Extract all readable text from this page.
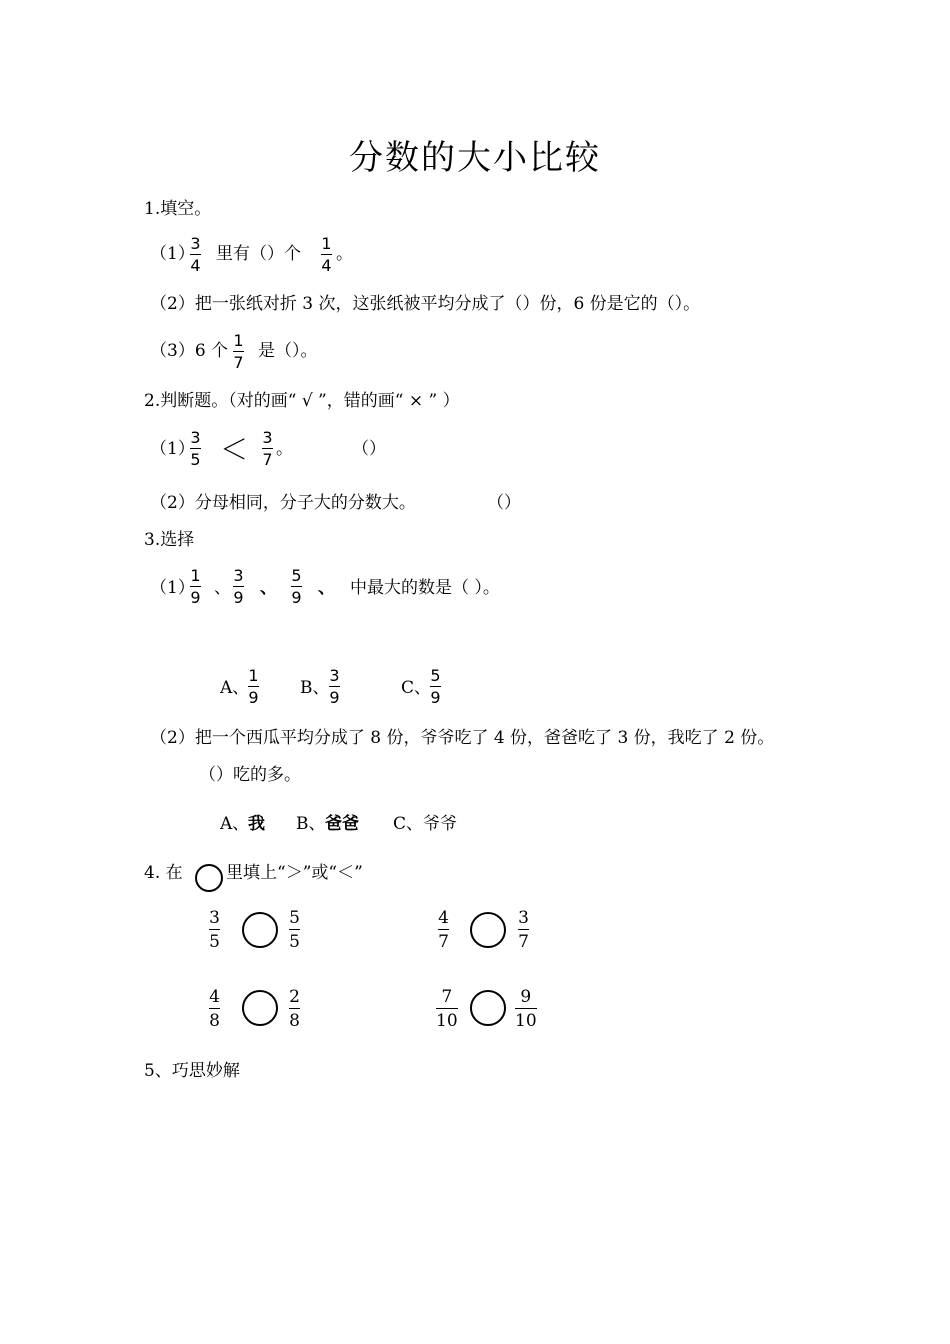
分数的大小比较
1.填空。
（1）
3
4
里有（）个
1
4
。
（2）把一张纸对折 3 次，这张纸被平均分成了（）份，6 份是它的（）。
（3）6 个
1
7
是（）。
2.判断题。（对的画“ √ ”，错的画“ × ” ）
（1）
3
5 ＜ 3
7
。	（）
（2）分母相同，分子大的分数大。	（）
3.选择
（1）
1
9 、
3
9 、
5
9 、 中最大的数是（ ）。
A、
1
9 B、
3
9	C、
5
9
（2）把一个西瓜平均分成了 8 份，爷爷吃了 4 份，爸爸吃了 3 份，我吃了 2 份。
（）吃的多。
A、
我 B、 爸爸 C、爷爷
4. 在	里填上“＞”或“＜”
3
5
5
5
4
7
3
7
4
8
2
8
7
10
9
10
5、巧思妙解
